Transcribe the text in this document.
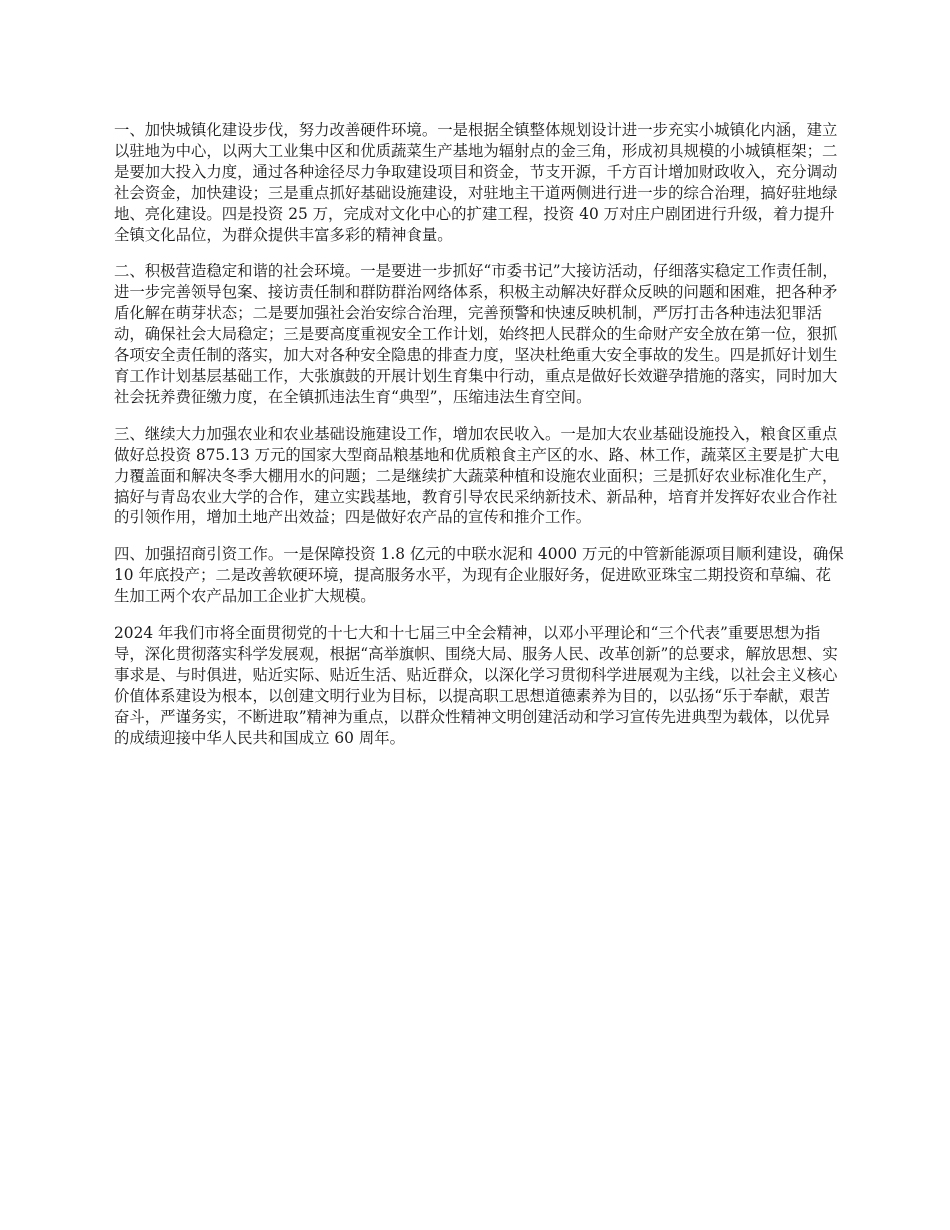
一、加快城镇化建设步伐，努力改善硬件环境。一是根据全镇整体规划设计进一步充实小城镇化内涵，建立以驻地为中心，以两大工业集中区和优质蔬菜生产基地为辐射点的金三角，形成初具规模的小城镇框架；二是要加大投入力度，通过各种途径尽力争取建设项目和资金，节支开源，千方百计增加财政收入，充分调动社会资金，加快建设；三是重点抓好基础设施建设，对驻地主干道两侧进行进一步的综合治理，搞好驻地绿地、亮化建设。四是投资 25 万，完成对文化中心的扩建工程，投资 40 万对庄户剧团进行升级，着力提升全镇文化品位，为群众提供丰富多彩的精神食量。

二、积极营造稳定和谐的社会环境。一是要进一步抓好“市委书记”大接访活动，仔细落实稳定工作责任制，进一步完善领导包案、接访责任制和群防群治网络体系，积极主动解决好群众反映的问题和困难，把各种矛盾化解在萌芽状态；二是要加强社会治安综合治理，完善预警和快速反映机制，严厉打击各种违法犯罪活动，确保社会大局稳定；三是要高度重视安全工作计划，始终把人民群众的生命财产安全放在第一位，狠抓各项安全责任制的落实，加大对各种安全隐患的排查力度，坚决杜绝重大安全事故的发生。四是抓好计划生育工作计划基层基础工作，大张旗鼓的开展计划生育集中行动，重点是做好长效避孕措施的落实，同时加大社会抚养费征缴力度，在全镇抓违法生育“典型”，压缩违法生育空间。

三、继续大力加强农业和农业基础设施建设工作，增加农民收入。一是加大农业基础设施投入，粮食区重点做好总投资 875.13 万元的国家大型商品粮基地和优质粮食主产区的水、路、林工作，蔬菜区主要是扩大电力覆盖面和解决冬季大棚用水的问题；二是继续扩大蔬菜种植和设施农业面积；三是抓好农业标准化生产，搞好与青岛农业大学的合作，建立实践基地，教育引导农民采纳新技术、新品种，培育并发挥好农业合作社的引领作用，增加土地产出效益；四是做好农产品的宣传和推介工作。

四、加强招商引资工作。一是保障投资 1.8 亿元的中联水泥和 4000 万元的中管新能源项目顺利建设，确保 10 年底投产；二是改善软硬环境，提高服务水平，为现有企业服好务，促进欧亚珠宝二期投资和草编、花生加工两个农产品加工企业扩大规模。

2024 年我们市将全面贯彻党的十七大和十七届三中全会精神，以邓小平理论和“三个代表”重要思想为指导，深化贯彻落实科学发展观，根据“高举旗帜、围绕大局、服务人民、改革创新”的总要求，解放思想、实事求是、与时俱进，贴近实际、贴近生活、贴近群众，以深化学习贯彻科学进展观为主线，以社会主义核心价值体系建设为根本，以创建文明行业为目标，以提高职工思想道德素养为目的，以弘扬“乐于奉献，艰苦奋斗，严谨务实，不断进取”精神为重点，以群众性精神文明创建活动和学习宣传先进典型为载体，以优异的成绩迎接中华人民共和国成立 60 周年。
